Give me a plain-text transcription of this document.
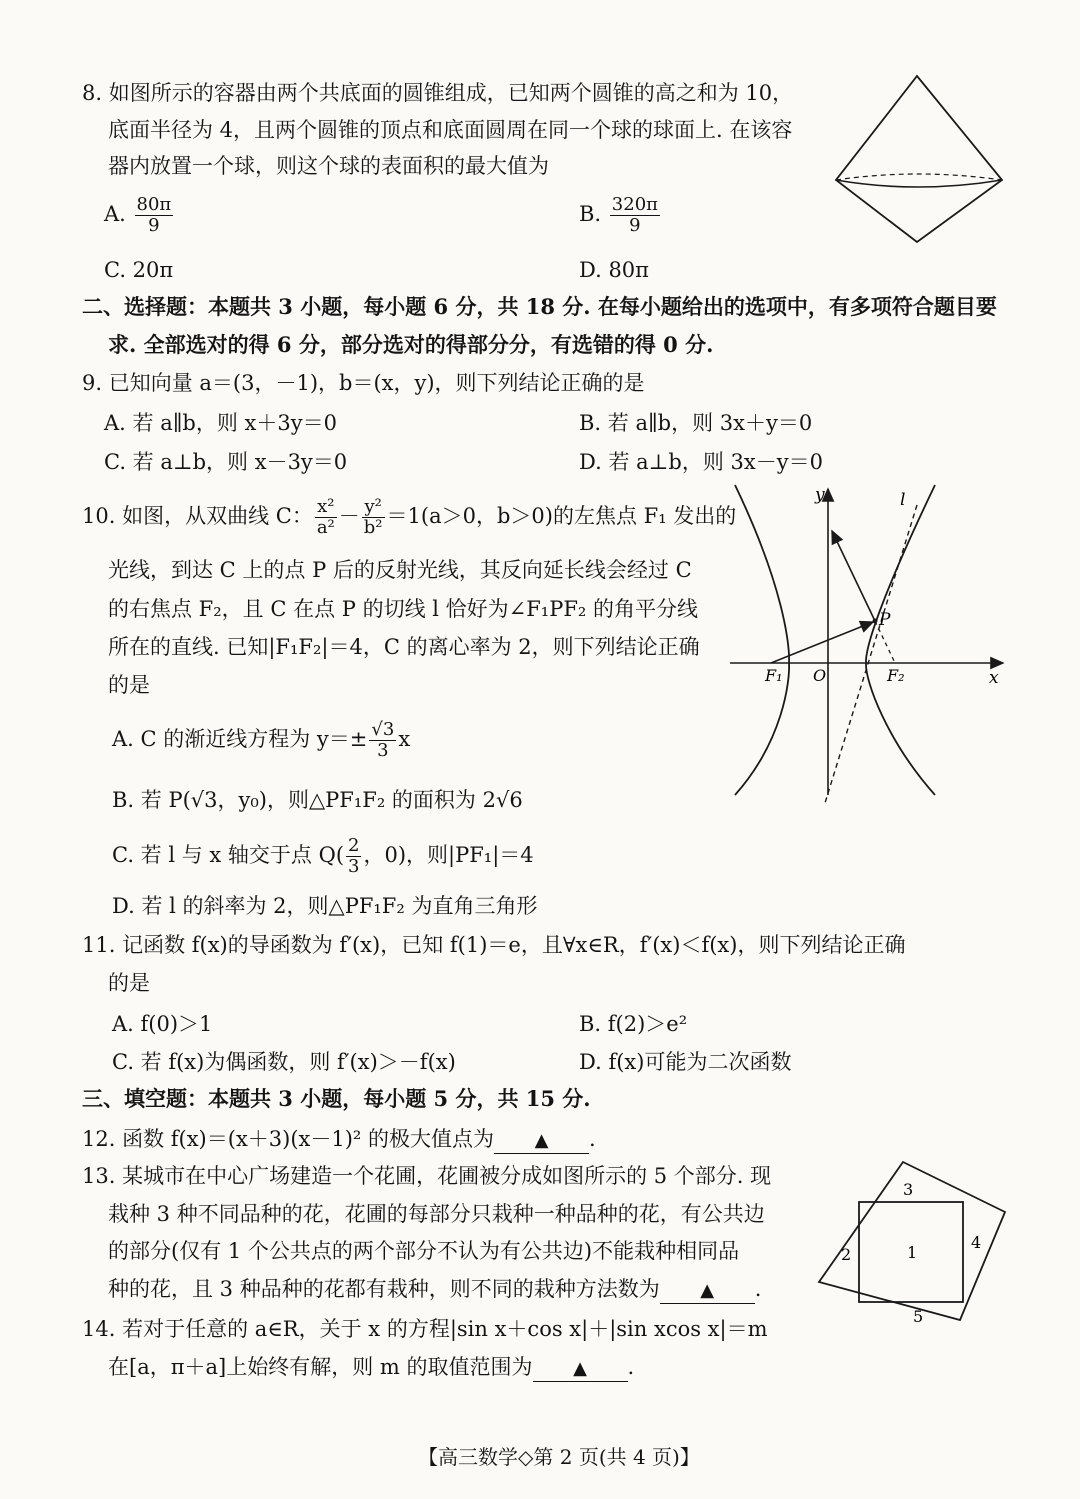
8. 如图所示的容器由两个共底面的圆锥组成，已知两个圆锥的高之和为 10，
底面半径为 4，且两个圆锥的顶点和底面圆周在同一个球的球面上. 在该容
器内放置一个球，则这个球的表面积的最大值为
A. $\frac{80\pi}{9}$	B. $\frac{320\pi}{9}$
C. 20π	D. 80π
二、选择题：本题共 3 小题，每小题 6 分，共 18 分. 在每小题给出的选项中，有多项符合题目要
求. 全部选对的得 6 分，部分选对的得部分分，有选错的得 0 分.
9. 已知向量 a＝(3，－1)，b＝(x，y)，则下列结论正确的是
A. 若 a∥b，则 x＋3y＝0	B. 若 a∥b，则 3x＋y＝0
C. 若 a⊥b，则 x－3y＝0	D. 若 a⊥b，则 3x－y＝0
10. 如图，从双曲线 C： $\frac{\text{x²}}{\text{a²}} - \frac{\text{y²}}{\text{b²}} =1(a>0$，b＞0)的左焦点 F₁ 发出的
光线，到达 C 上的点 P 后的反射光线，其反向延长线会经过 C
的右焦点 F₂，且 C 在点 P 的切线 l 恰好为∠F₁PF₂ 的角平分线
所在的直线. 已知|F₁F₂|＝4，C 的离心率为 2，则下列结论正确
的是
A. C 的渐近线方程为 $y=\pm \frac{√3}{3}$ x
B. 若 P(√3，y₀)，则△PF₁F₂ 的面积为 2√6
C. 若 l 与 x 轴交于点 $Q( \frac{2}{3}$ ，0)，则|PF₁|＝4
D. 若 l 的斜率为 2，则△PF₁F₂ 为直角三角形
y
x
l
P
O
F₁	F₂
11. 记函数 f(x)的导函数为 f′(x)，已知 f(1)＝e，且∀x∈R，f′(x)＜f(x)，则下列结论正确
的是
A. f(0)＞1	B. f(2)＞e²
C. 若 f(x)为偶函数，则 f′(x)＞－f(x)	D. f(x)可能为二次函数
三、填空题：本题共 3 小题，每小题 5 分，共 15 分.
12. 函数 f(x)＝(x＋3)(x－1)² 的极大值点为 ▲ .
13. 某城市在中心广场建造一个花圃，花圃被分成如图所示的 5 个部分. 现
栽种 3 种不同品种的花，花圃的每部分只栽种一种品种的花，有公共边
的部分(仅有 1 个公共点的两个部分不认为有公共边)不能栽种相同品
种的花，且 3 种品种的花都有栽种，则不同的栽种方法数为 ▲ .
3
1
2
4
5
14. 若对于任意的 a∈R，关于 x 的方程|sin x＋cos x|＋|sin xcos x|＝m
在[a，π＋a]上始终有解，则 m 的取值范围为 ▲ .
【高三数学◇第 2 页(共 4 页)】
